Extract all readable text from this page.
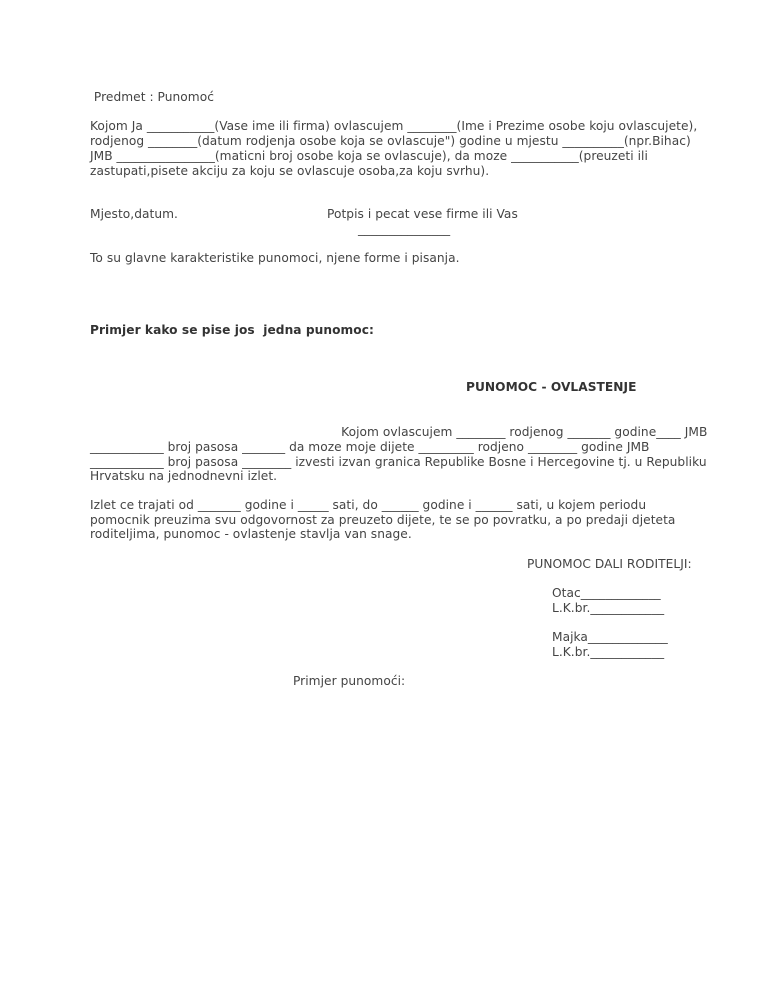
Predmet : Punomoć
Kojom Ja ___________(Vase ime ili firma) ovlascujem ________(Ime i Prezime osobe koju ovlascujete),
rodjenog ________(datum rodjenja osobe koja se ovlascuje") godine u mjestu __________(npr.Bihac)
JMB ________________(maticni broj osobe koja se ovlascuje), da moze ___________(preuzeti ili
zastupati,pisete akciju za koju se ovlascuje osoba,za koju svrhu).
Mjesto,datum.	Potpis i pecat vese firme ili Vas
_______________
To su glavne karakteristike punomoci, njene forme i pisanja.
Primjer kako se pise jos  jedna punomoc:
PUNOMOC - OVLASTENJE
Kojom ovlascujem ________ rodjenog _______ godine____ JMB
____________ broj pasosa _______ da moze moje dijete _________ rodjeno ________ godine JMB
____________ broj pasosa ________ izvesti izvan granica Republike Bosne i Hercegovine tj. u Republiku
Hrvatsku na jednodnevni izlet.
Izlet ce trajati od _______ godine i _____ sati, do ______ godine i ______ sati, u kojem periodu
pomocnik preuzima svu odgovornost za preuzeto dijete, te se po povratku, a po predaji djeteta
roditeljima, punomoc - ovlastenje stavlja van snage.
PUNOMOC DALI RODITELJI:
Otac_____________
L.K.br.____________
Majka_____________
L.K.br.____________
Primjer punomoći:
